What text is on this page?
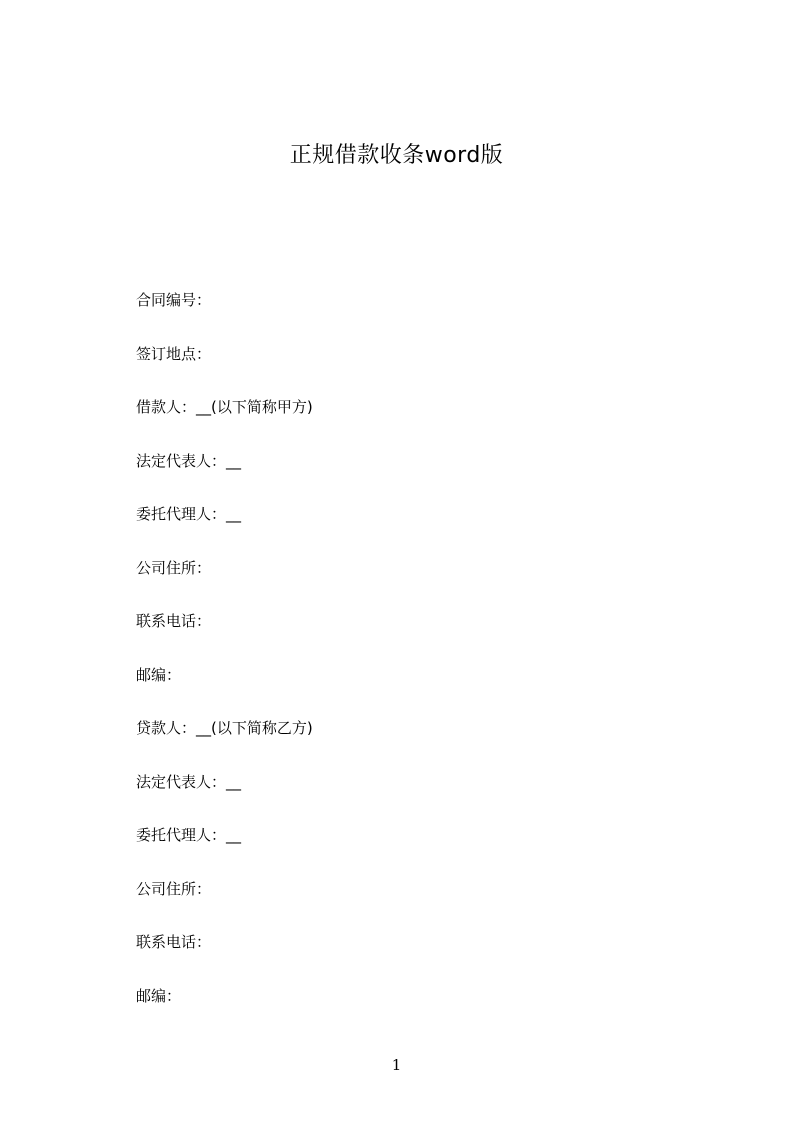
正规借款收条word版
合同编号：
签订地点：
借款人：__(以下简称甲方)
法定代表人：__
委托代理人：__
公司住所：
联系电话：
邮编：
贷款人：__(以下简称乙方)
法定代表人：__
委托代理人：__
公司住所：
联系电话：
邮编：
1
